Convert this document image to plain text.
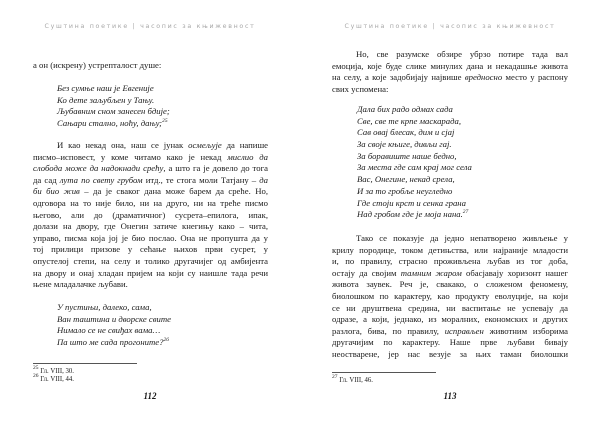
Суштина поетике | часопис за књижевност
а он (искрену) устрепталост душе:
Без сумње наш је Евгеније
Ко дете заљубљен у Тању.
Љубавним сном занесен бдије;
Сањари стално, ноћу, дању;$^{25}$
И као некад она, наш се јунак осмељује да напише
писмо–исповест, у коме читамо како је некад мислио да
слобода може да надокнади срећу, а што га је довело до тога
да сад лута по свету грубом итд., те стога моли Татјану – да
би био жив – да је сваког дана може барем да среће. Но,
одговора на то није било, ни на друго, ни на треће писмо
његово, али до (драматичног) сусрета–епилога, ипак,
долази на двору, где Онегин затиче кнегињу како – чита,
управо, писма која јој је био послао. Она не пропушта да у
тој прилици призове у сећање њихов први сусрет, у
опустелој степи, на селу и толико другачијег од амбијента
на двору и онај хладан пријем на који су наишле тада речи
њене младалачке љубави.
У пустињи, далеко, сама,
Ван таштина и дворске свите
Нимало се не свиђах вама…
Па што ме сада прогоните?$^{26}$
$^{25}$ Гл. VIII, 30.
$^{26}$ Гл. VIII, 44.
112
Суштина поетике | часопис за књижевност
Но, све разумске обзире убрзо потире тада вал
емоција, које буде слике минулих дана и некадашње живота
на селу, а које задобијају највише вредносно место у распону
свих успомена:
Дала бих радо одмах сада
Све, све те крпе маскарада,
Сав овај блесак, дим и сјај
За своје књиге, дивљи гај.
За боравиште наше бедно,
За места где сам крај мог села
Вас, Онегине, некад срела,
И за то гробље неугледно
Где стоји крст и сенка грана
Над гробом где је моја нана.$^{27}$
Тако се показује да једно непатворено живљење у
крилу породице, током детињства, или најраније младости
и, по правилу, страсно проживљена љубав из тог доба,
остају да својим тамним жаром обасјавају хоризонт нашег
живота заувек. Реч је, свакако, о сложеном феномену,
биолошком по карактеру, као продукту еволуције, на који
се ни друштвена средина, ни васпитање не успевају да
одразе, а који, једнако, из моралних, економских и других
разлога, бива, по правилу, исправљен животним изборима
другачијим по карактеру. Наше прве љубави бивају
неостварене, јер нас везује за њих таман биолошки
$^{27}$ Гл. VIII, 46.
113
